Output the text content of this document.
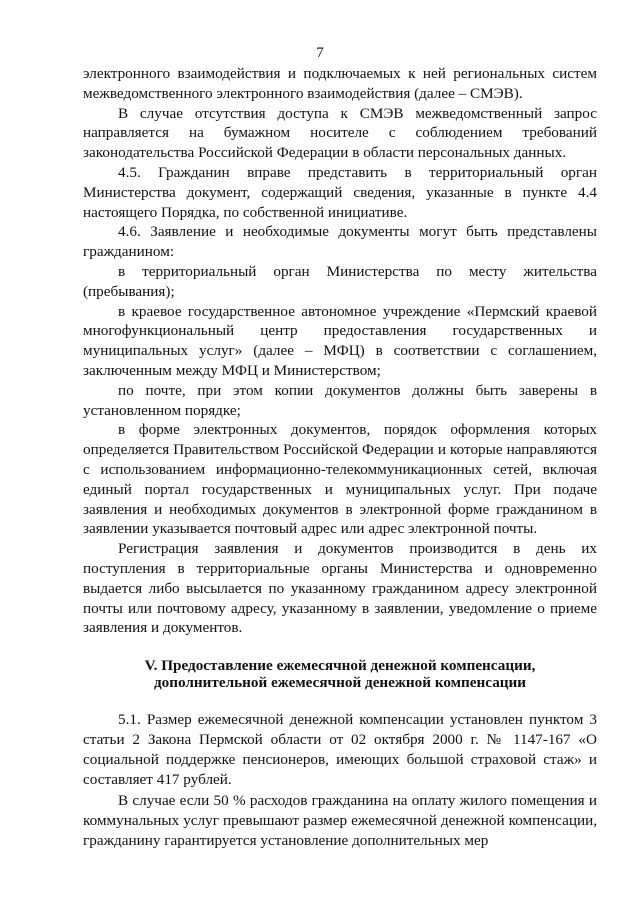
7

электронного взаимодействия и подключаемых к ней региональных систем межведомственного электронного взаимодействия (далее – СМЭВ).

В случае отсутствия доступа к СМЭВ межведомственный запрос направляется на бумажном носителе с соблюдением требований законодательства Российской Федерации в области персональных данных.

4.5. Гражданин вправе представить в территориальный орган Министерства документ, содержащий сведения, указанные в пункте 4.4 настоящего Порядка, по собственной инициативе.

4.6. Заявление и необходимые документы могут быть представлены гражданином:

в территориальный орган Министерства по месту жительства (пребывания);

в краевое государственное автономное учреждение «Пермский краевой многофункциональный центр предоставления государственных и муниципальных услуг» (далее – МФЦ) в соответствии с соглашением, заключенным между МФЦ и Министерством;

по почте, при этом копии документов должны быть заверены в установленном порядке;

в форме электронных документов, порядок оформления которых определяется Правительством Российской Федерации и которые направляются с использованием информационно-телекоммуникационных сетей, включая единый портал государственных и муниципальных услуг. При подаче заявления и необходимых документов в электронной форме гражданином в заявлении указывается почтовый адрес или адрес электронной почты.

Регистрация заявления и документов производится в день их поступления в территориальные органы Министерства и одновременно выдается либо высылается по указанному гражданином адресу электронной почты или почтовому адресу, указанному в заявлении, уведомление о приеме заявления и документов.

V. Предоставление ежемесячной денежной компенсации,
дополнительной ежемесячной денежной компенсации

5.1. Размер ежемесячной денежной компенсации установлен пунктом 3 статьи 2 Закона Пермской области от 02 октября 2000 г. № 1147-167 «О социальной поддержке пенсионеров, имеющих большой страховой стаж» и составляет 417 рублей.

В случае если 50 % расходов гражданина на оплату жилого помещения и коммунальных услуг превышают размер ежемесячной денежной компенсации, гражданину гарантируется установление дополнительных мер
